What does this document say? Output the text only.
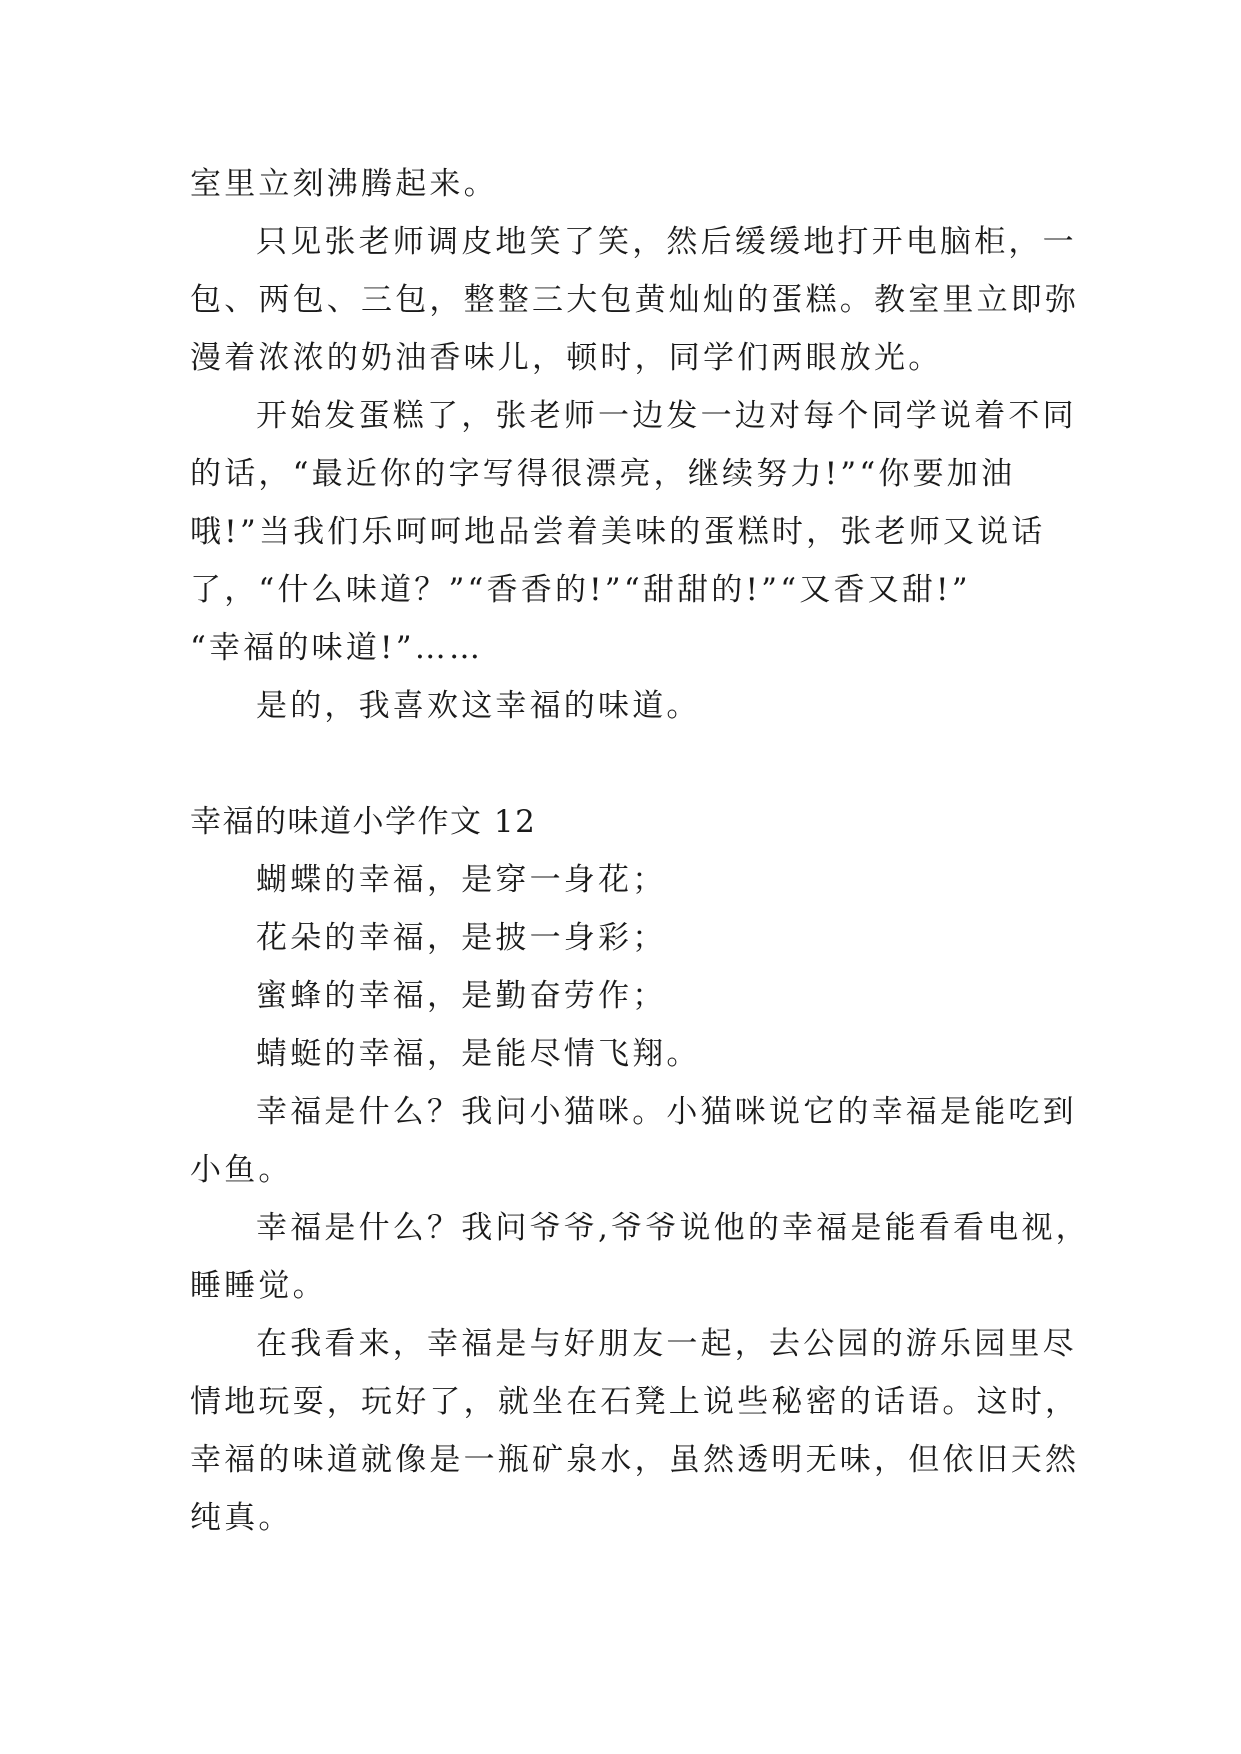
室里立刻沸腾起来。
只见张老师调皮地笑了笑，然后缓缓地打开电脑柜，一
包、两包、三包，整整三大包黄灿灿的蛋糕。教室里立即弥
漫着浓浓的奶油香味儿，顿时，同学们两眼放光。
开始发蛋糕了，张老师一边发一边对每个同学说着不同
的话，“最近你的字写得很漂亮，继续努力!”“你要加油
哦!”当我们乐呵呵地品尝着美味的蛋糕时，张老师又说话
了，“什么味道？”“香香的!”“甜甜的!”“又香又甜!”
“幸福的味道!”……
是的，我喜欢这幸福的味道。
幸福的味道小学作文 12
蝴蝶的幸福，是穿一身花；
花朵的幸福，是披一身彩；
蜜蜂的幸福，是勤奋劳作；
蜻蜓的幸福，是能尽情飞翔。
幸福是什么？我问小猫咪。小猫咪说它的幸福是能吃到
小鱼。
幸福是什么？我问爷爷,爷爷说他的幸福是能看看电视，
睡睡觉。
在我看来，幸福是与好朋友一起，去公园的游乐园里尽
情地玩耍，玩好了，就坐在石凳上说些秘密的话语。这时，
幸福的味道就像是一瓶矿泉水，虽然透明无味，但依旧天然
纯真。
